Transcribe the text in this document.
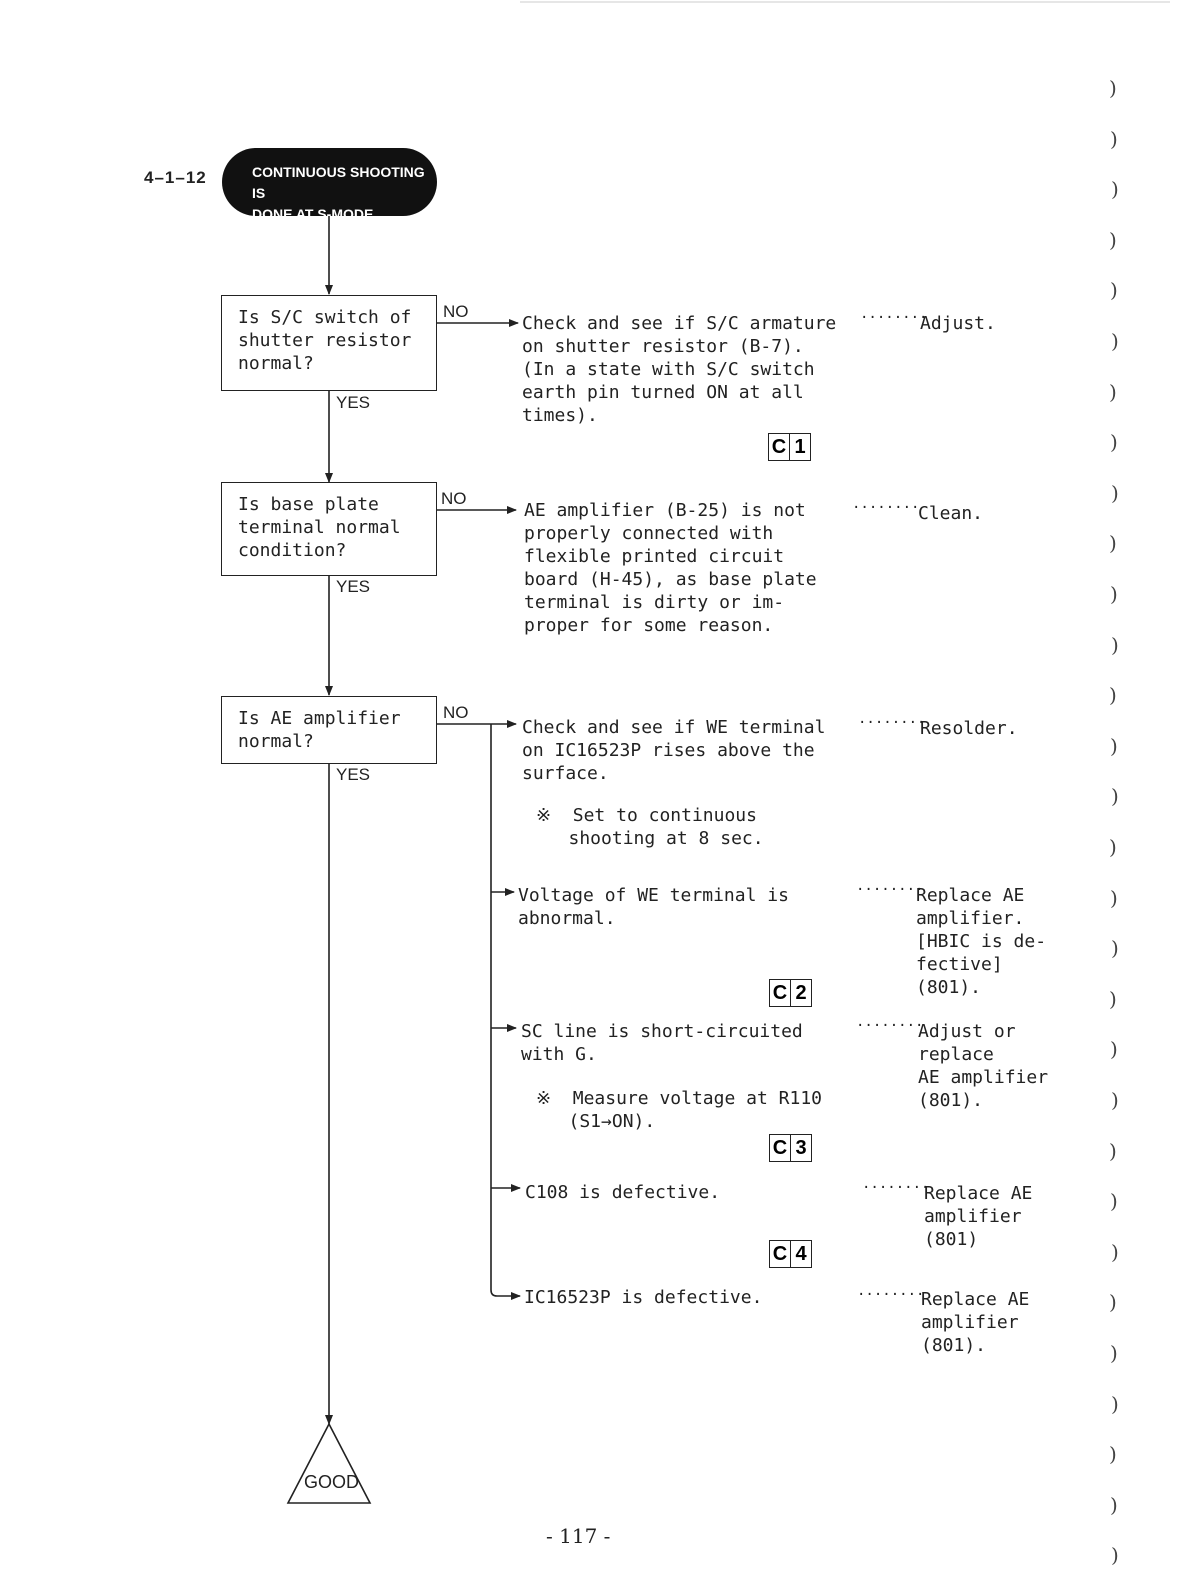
4–1–12	CONTINUOUS SHOOTING IS
DONE AT S-MODE
Is S/C switch of
shutter resistor
normal?
NO
YES
Is base plate
terminal normal
condition?
NO
YES
Is AE amplifier
normal?
NO
YES
Check and see if S/C armature
on shutter resistor (B-7).
(In a state with S/C switch
earth pin turned ON at all
times).
········
Adjust.
C 1
AE amplifier (B-25) is not
properly connected with
flexible printed circuit
board (H-45), as base plate
terminal is dirty or im-
proper for some reason.
········
Clean.
Check and see if WE terminal
on IC16523P rises above the
surface.
※  Set to continuous
shooting at 8 sec.
········
Resolder.
Voltage of WE terminal is
abnormal.
········
Replace AE
amplifier.
[HBIC is de-
fective]
(801).
C 2
SC line is short-circuited
with G.
※  Measure voltage at R110
(S1→ON).
········
Adjust or
replace
AE amplifier
(801).
C 3
C108 is defective.	········
Replace AE
amplifier
(801)
C 4
IC16523P is defective.	········
Replace AE
amplifier
(801).
GOOD
- 117 -
)
)
)
)
)
)
)
)
)
)
)
)
)
)
)
)
)
)
)
)
)
)
)
)
)
)
)
)
)
)
